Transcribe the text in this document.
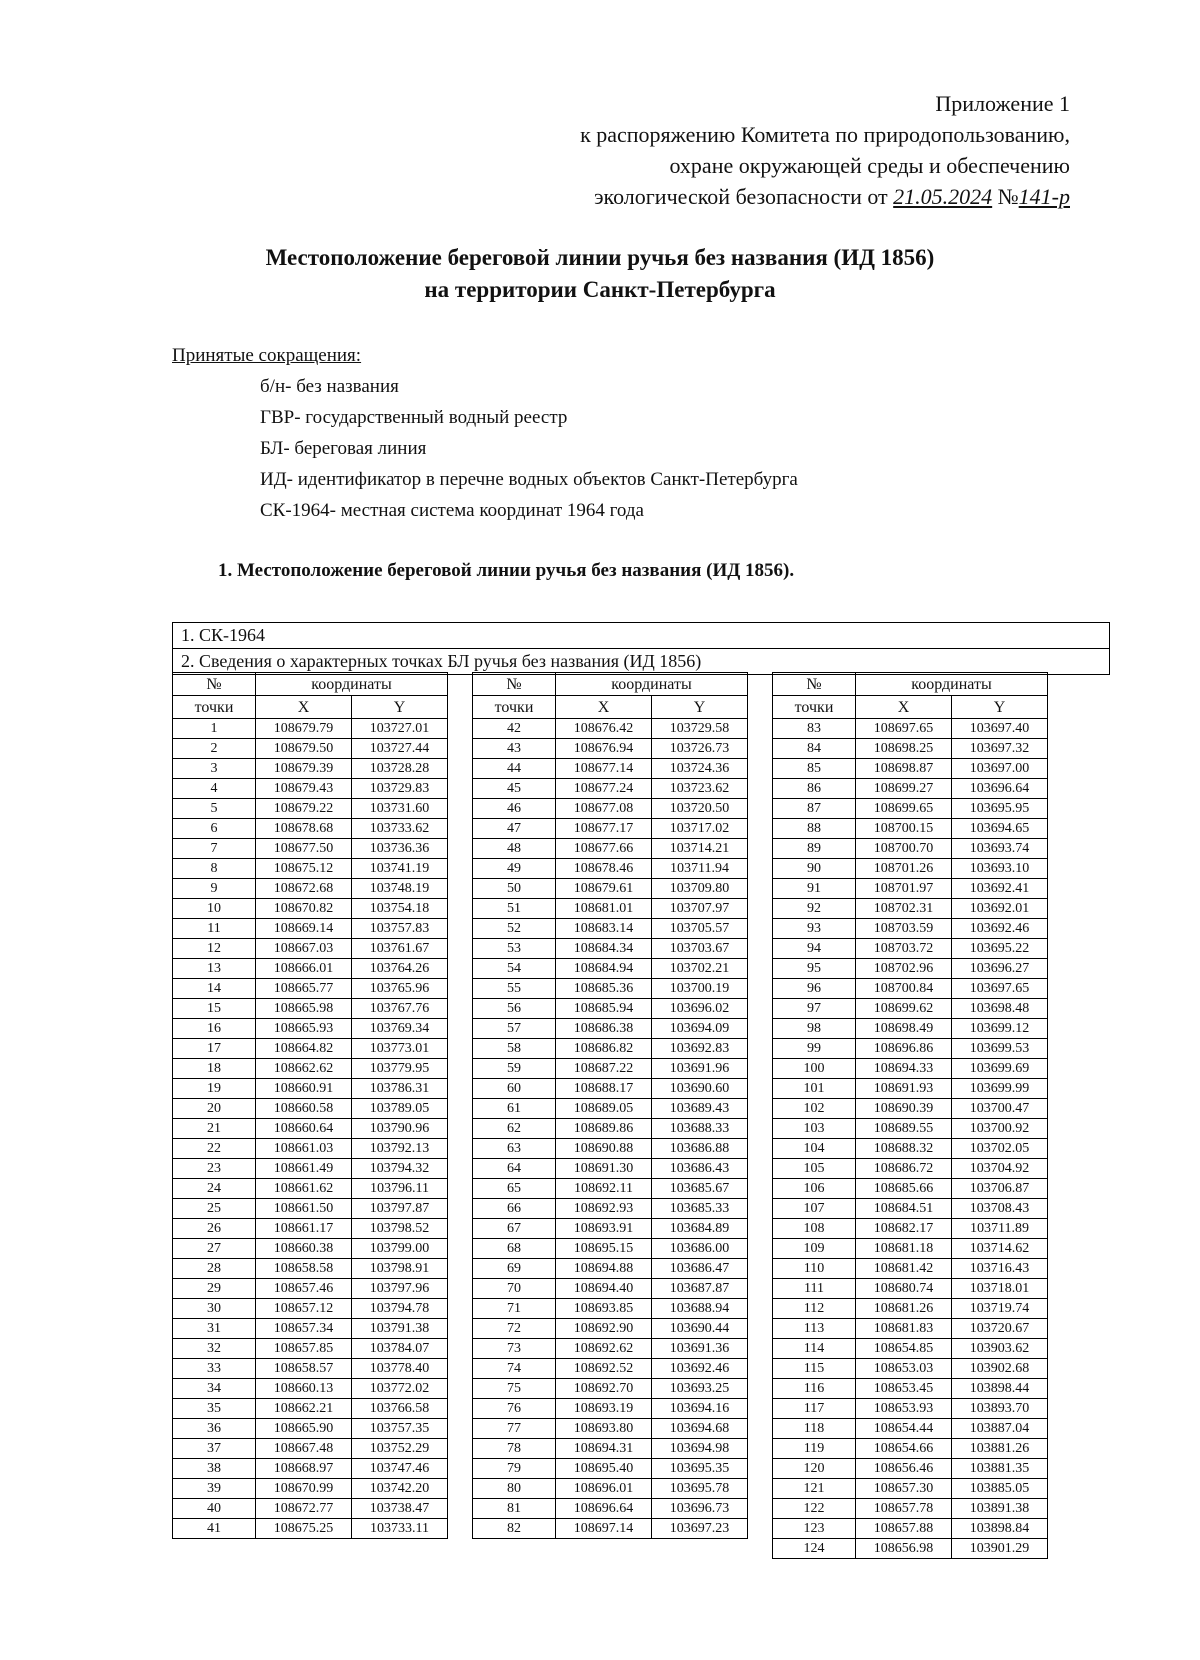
Приложение 1
к распоряжению Комитета по природопользованию,
охране окружающей среды и обеспечению
экологической безопасности от 21.05.2024 №141-р
Местоположение береговой линии ручья без названия (ИД 1856)
на территории Санкт-Петербурга
Принятые сокращения:
б/н- без названия
ГВР- государственный водный реестр
БЛ- береговая линия
ИД- идентификатор в перечне водных объектов Санкт-Петербурга
СК-1964- местная система координат 1964 года
1. Местоположение береговой линии ручья без названия (ИД 1856).
1. СК-1964
2. Сведения о характерных точках БЛ ручья без названия (ИД 1856)
№	координаты	
точки	X	Y
1	108679.79	103727.01
2	108679.50	103727.44
3	108679.39	103728.28
4	108679.43	103729.83
5	108679.22	103731.60
6	108678.68	103733.62
7	108677.50	103736.36
8	108675.12	103741.19
9	108672.68	103748.19
10	108670.82	103754.18
11	108669.14	103757.83
12	108667.03	103761.67
13	108666.01	103764.26
14	108665.77	103765.96
15	108665.98	103767.76
16	108665.93	103769.34
17	108664.82	103773.01
18	108662.62	103779.95
19	108660.91	103786.31
20	108660.58	103789.05
21	108660.64	103790.96
22	108661.03	103792.13
23	108661.49	103794.32
24	108661.62	103796.11
25	108661.50	103797.87
26	108661.17	103798.52
27	108660.38	103799.00
28	108658.58	103798.91
29	108657.46	103797.96
30	108657.12	103794.78
31	108657.34	103791.38
32	108657.85	103784.07
33	108658.57	103778.40
34	108660.13	103772.02
35	108662.21	103766.58
36	108665.90	103757.35
37	108667.48	103752.29
38	108668.97	103747.46
39	108670.99	103742.20
40	108672.77	103738.47
41	108675.25	103733.11
№	координаты	
точки	X	Y
42	108676.42	103729.58
43	108676.94	103726.73
44	108677.14	103724.36
45	108677.24	103723.62
46	108677.08	103720.50
47	108677.17	103717.02
48	108677.66	103714.21
49	108678.46	103711.94
50	108679.61	103709.80
51	108681.01	103707.97
52	108683.14	103705.57
53	108684.34	103703.67
54	108684.94	103702.21
55	108685.36	103700.19
56	108685.94	103696.02
57	108686.38	103694.09
58	108686.82	103692.83
59	108687.22	103691.96
60	108688.17	103690.60
61	108689.05	103689.43
62	108689.86	103688.33
63	108690.88	103686.88
64	108691.30	103686.43
65	108692.11	103685.67
66	108692.93	103685.33
67	108693.91	103684.89
68	108695.15	103686.00
69	108694.88	103686.47
70	108694.40	103687.87
71	108693.85	103688.94
72	108692.90	103690.44
73	108692.62	103691.36
74	108692.52	103692.46
75	108692.70	103693.25
76	108693.19	103694.16
77	108693.80	103694.68
78	108694.31	103694.98
79	108695.40	103695.35
80	108696.01	103695.78
81	108696.64	103696.73
82	108697.14	103697.23
№	координаты	
точки	X	Y
83	108697.65	103697.40
84	108698.25	103697.32
85	108698.87	103697.00
86	108699.27	103696.64
87	108699.65	103695.95
88	108700.15	103694.65
89	108700.70	103693.74
90	108701.26	103693.10
91	108701.97	103692.41
92	108702.31	103692.01
93	108703.59	103692.46
94	108703.72	103695.22
95	108702.96	103696.27
96	108700.84	103697.65
97	108699.62	103698.48
98	108698.49	103699.12
99	108696.86	103699.53
100	108694.33	103699.69
101	108691.93	103699.99
102	108690.39	103700.47
103	108689.55	103700.92
104	108688.32	103702.05
105	108686.72	103704.92
106	108685.66	103706.87
107	108684.51	103708.43
108	108682.17	103711.89
109	108681.18	103714.62
110	108681.42	103716.43
111	108680.74	103718.01
112	108681.26	103719.74
113	108681.83	103720.67
114	108654.85	103903.62
115	108653.03	103902.68
116	108653.45	103898.44
117	108653.93	103893.70
118	108654.44	103887.04
119	108654.66	103881.26
120	108656.46	103881.35
121	108657.30	103885.05
122	108657.78	103891.38
123	108657.88	103898.84
124	108656.98	103901.29
